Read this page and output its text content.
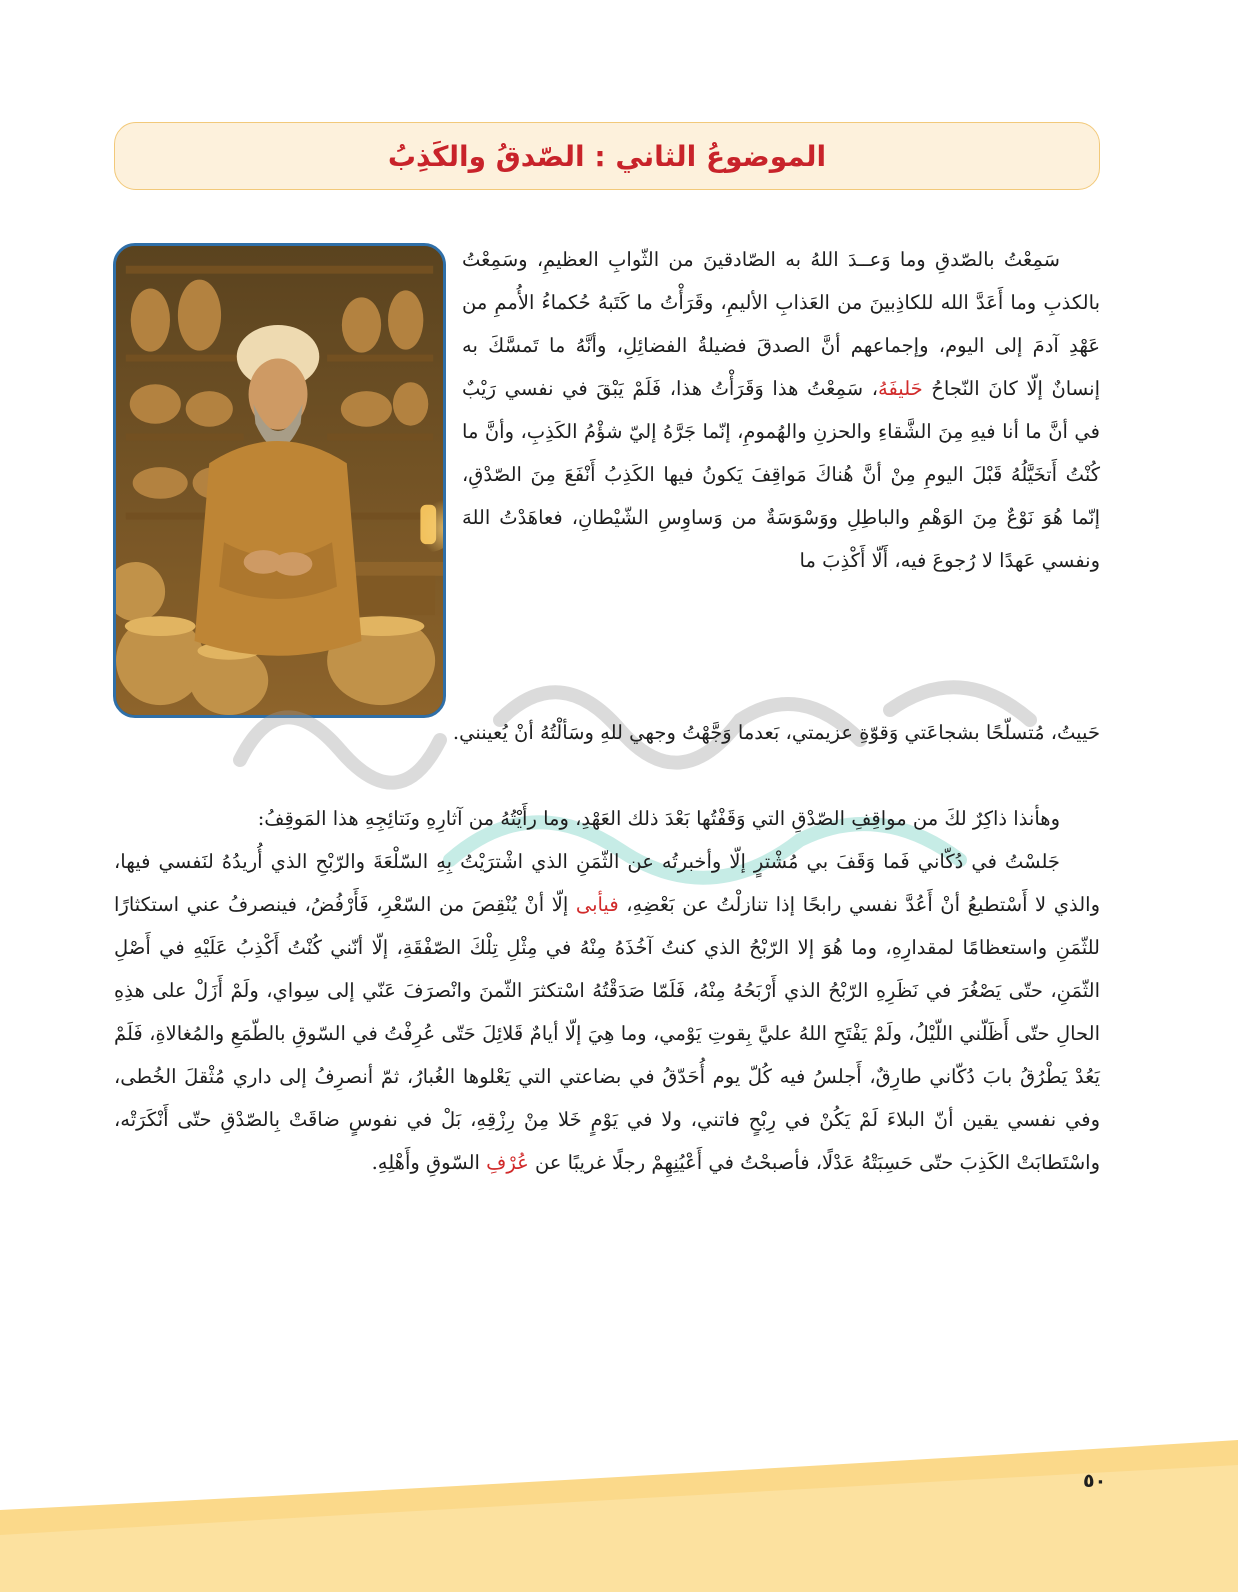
الموضوعُ الثاني : الصّدقُ والكَذِبُ
سَمِعْتُ بالصّدقِ وما وَعــدَ اللهُ به الصّادقينَ من الثّوابِ العظيمِ، وسَمِعْتُ بالكذبِ وما أَعَدَّ الله للكاذِبينَ من العَذابِ الأليمِ، وقَرَأْتُ ما كَتَبهُ حُكماءُ الأُممِ من عَهْدِ آدمَ إلى اليوم، وإجماعهم أنَّ الصدقَ فضيلةُ الفضائِلِ، وأنَّهُ ما تَمسَّكَ به إنسانٌ إلّا كانَ النّجاحُ حَليفَهُ، سَمِعْتُ هذا وَقَرَأْتُ هذا، فَلَمْ يَبْقَ في نفسي رَيْبٌ في أنَّ ما أنا فيهِ مِنَ الشَّقاءِ والحزنِ والهُمومِ، إنّما جَرَّهُ إليّ شؤْمُ الكَذِبِ، وأنَّ ما كُنْتُ أَتخَيَّلُهُ قَبْلَ اليومِ مِنْ أنَّ هُناكَ مَواقِفَ يَكونُ فيها الكَذِبُ أَنْفَعَ مِنَ الصّدْقِ، إنّما هُوَ نَوْعٌ مِنَ الوَهْمِ والباطِلِ ووَسْوَسَةٌ من وَساوِسِ الشّيْطانِ، فعاهَدْتُ اللهَ ونفسي عَهدًا لا رُجوعَ فيه، أَلّا أَكْذِبَ ما
حَييتُ، مُتسلّحًا بشجاعَتي وَقوّةِ عزيمتي، بَعدما وَجَّهْتُ وجهي للهِ وسَألْتُهُ أنْ يُعينني.
وهأنذا ذاكِرٌ لكَ من مواقِفِ الصّدْقِ التي وَقَفْتُها بَعْدَ ذلك العَهْدِ، وما رأَيْتُهُ من آثارِهِ ونَتائِجِهِ هذا المَوقِفُ:
جَلسْتُ في دُكّاني فَما وَقَفَ بي مُشْترٍ إلّا وأخبرتُه عن الثّمَنِ الذي اشْترَيْتُ بِهِ السّلْعَةَ والرّبْحِ الذي أُريدُهُ لنَفسي فيها، والذي لا أَسْتطيعُ أنْ أَعُدَّ نفسي رابحًا إذا تنازلْتُ عن بَعْضِهِ، فيأبى إلّا أنْ يُنْقِصَ من السّعْرِ، فَأَرْفُضُ، فينصرفُ عني استكثارًا للثّمَنِ واستعظامًا لمقدارِهِ، وما هُوَ إلا الرّبْحُ الذي كنتُ آخُذَهُ مِنْهُ في مِثْلِ تِلْكَ الصّفْقَةِ، إلّا أنّني كُنْتُ أَكْذِبُ عَلَيْهِ في أَصْلِ الثّمَنِ، حتّى يَصْغُرَ في نَظَرِهِ الرّبْحُ الذي أَرْبَحُهُ مِنْهُ، فَلَمّا صَدَقْتُهُ اسْتكثرَ الثّمنَ وانْصرَفَ عَنّي إلى سِواي، ولَمْ أَزَلْ على هذِهِ الحالِ حتّى أَظَلّني اللّيْلُ، ولَمْ يَفْتَحِ اللهُ عليَّ بِقوتِ يَوْمي، وما هِيَ إلّا أيامٌ قَلائِلَ حَتّى عُرِفْتُ في السّوقِ بالطّمَعِ والمُغالاةِ، فَلَمْ يَعُدْ يَطْرُقُ بابَ دُكّاني طارِقٌ، أَجلسُ فيه كُلّ يوم أُحَدّقُ في بضاعتي التي يَعْلوها الغُبارُ، ثمّ أنصرِفُ إلى داري مُثْقلَ الخُطى، وفي نفسي يقين أنّ البلاءَ لَمْ يَكُنْ في رِبْحٍ فاتني، ولا في يَوْمٍ خَلا مِنْ رِزْقِهِ، بَلْ في نفوسٍ ضاقَتْ بِالصّدْقِ حتّى أَنْكَرَتْه، واسْتَطابَتْ الكَذِبَ حتّى حَسِبَتْهُ عَدْلًا، فأصبحْتُ في أَعْيُنِهِمْ رجلًا غريبًا عن عُرْفِ السّوقِ وأَهْلِهِ.
٥٠
